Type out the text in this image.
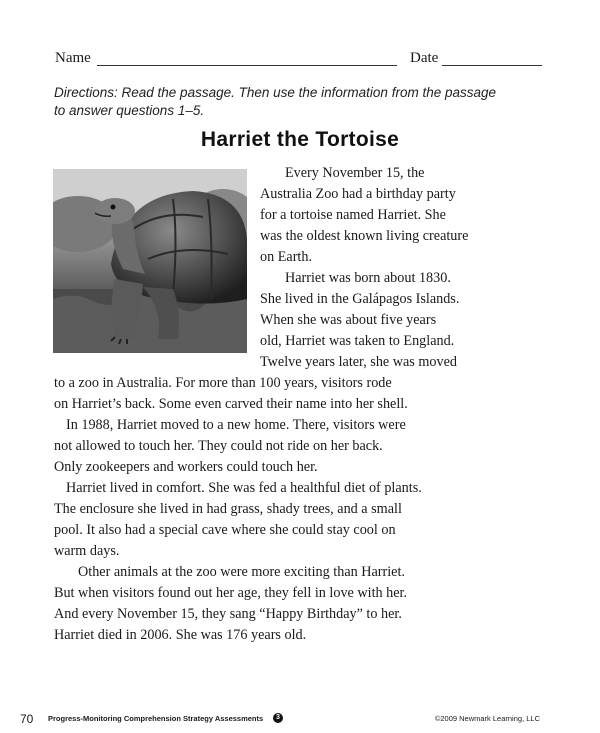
Name	Date
Directions: Read the passage. Then use the information from the passage
to answer questions 1–5.
Harriet the Tortoise
Every November 15, the
Australia Zoo had a birthday party
for a tortoise named Harriet. She
was the oldest known living creature
on Earth.
Harriet was born about 1830.
She lived in the Galápagos Islands.
When she was about five years
old, Harriet was taken to England.
Twelve years later, she was moved
to a zoo in Australia. For more than 100 years, visitors rode
on Harriet’s back. Some even carved their name into her shell.
In 1988, Harriet moved to a new home. There, visitors were
not allowed to touch her. They could not ride on her back.
Only zookeepers and workers could touch her.
Harriet lived in comfort. She was fed a healthful diet of plants.
The enclosure she lived in had grass, shady trees, and a small
pool. It also had a special cave where she could stay cool on
warm days.
Other animals at the zoo were more exciting than Harriet.
But when visitors found out her age, they fell in love with her.
And every November 15, they sang “Happy Birthday” to her.
Harriet died in 2006. She was 176 years old.
70 Progress-Monitoring Comprehension Strategy Assessments	3	©2009 Newmark Learning, LLC
